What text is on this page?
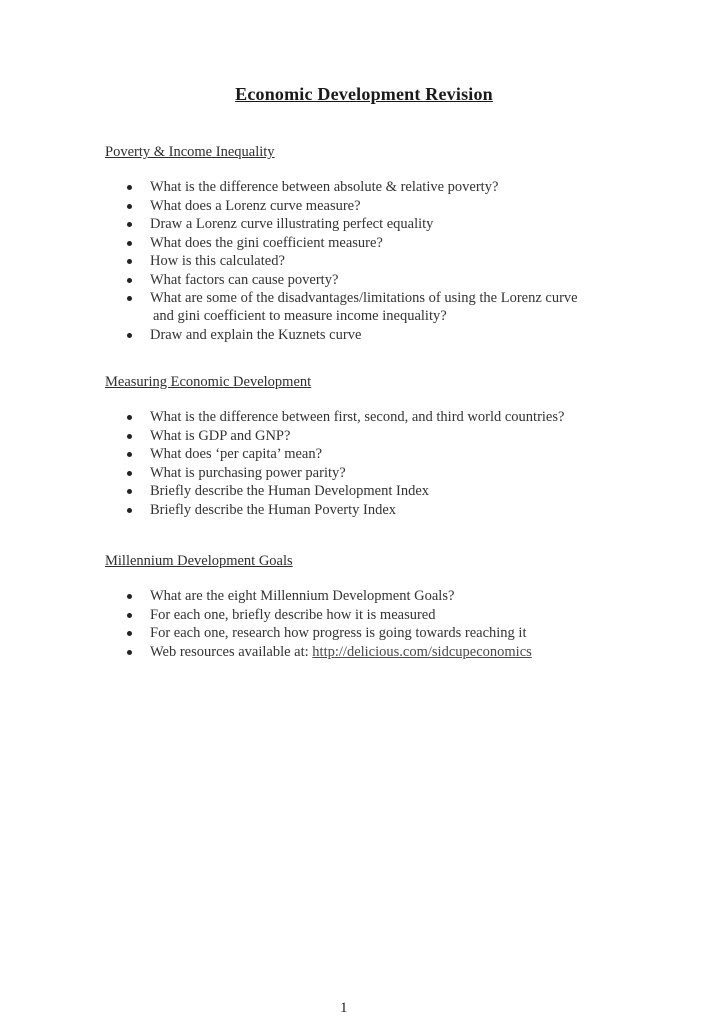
Economic Development Revision
Poverty & Income Inequality
What is the difference between absolute & relative poverty?
What does a Lorenz curve measure?
Draw a Lorenz curve illustrating perfect equality
What does the gini coefficient measure?
How is this calculated?
What factors can cause poverty?
What are some of the disadvantages/limitations of using the Lorenz curve
and gini coefficient to measure income inequality?
Draw and explain the Kuznets curve
Measuring Economic Development
What is the difference between first, second, and third world countries?
What is GDP and GNP?
What does ‘per capita’ mean?
What is purchasing power parity?
Briefly describe the Human Development Index
Briefly describe the Human Poverty Index
Millennium Development Goals
What are the eight Millennium Development Goals?
For each one, briefly describe how it is measured
For each one, research how progress is going towards reaching it
Web resources available at: http://delicious.com/sidcupeconomics
1
